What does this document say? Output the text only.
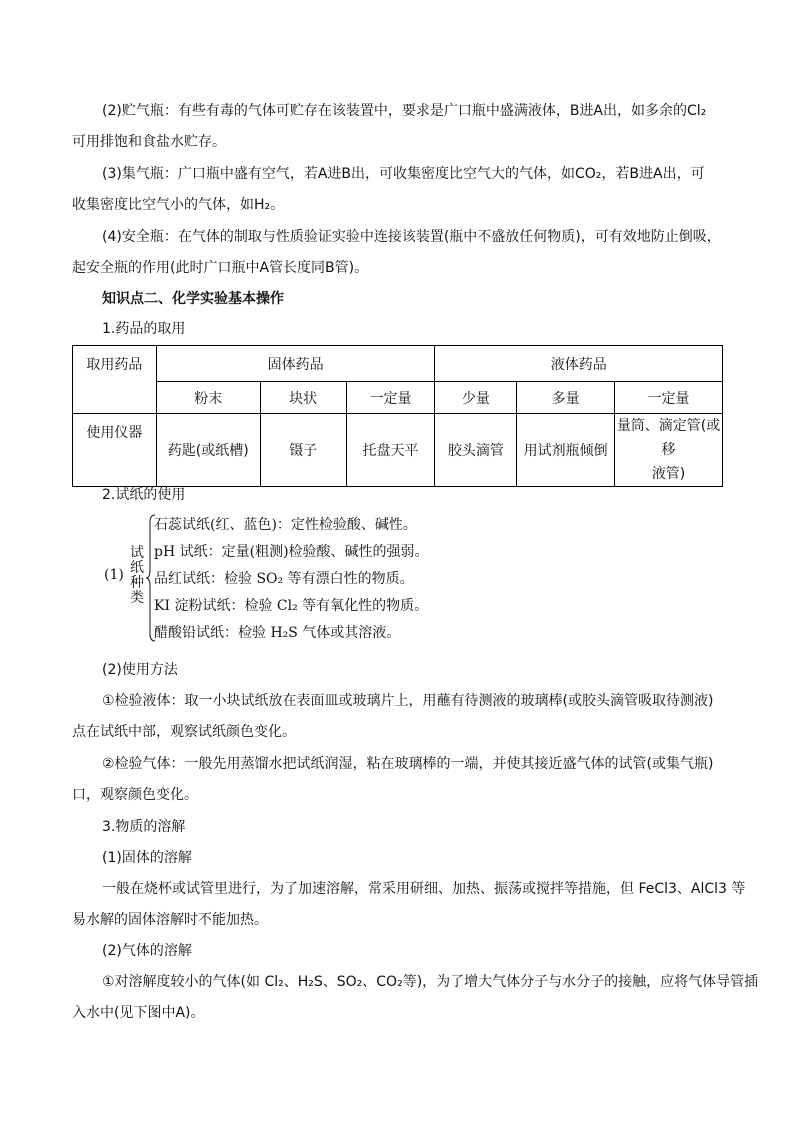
(2)贮气瓶：有些有毒的气体可贮存在该装置中，要求是广口瓶中盛满液体，B进A出，如多余的Cl₂
可用排饱和食盐水贮存。
(3)集气瓶：广口瓶中盛有空气，若A进B出，可收集密度比空气大的气体，如CO₂，若B进A出，可
收集密度比空气小的气体，如H₂。
(4)安全瓶：在气体的制取与性质验证实验中连接该装置(瓶中不盛放任何物质)，可有效地防止倒吸，
起安全瓶的作用(此时广口瓶中A管长度同B管)。
知识点二、化学实验基本操作
1.药品的取用
取用药品	固体药品			液体药品		
	粉末	块状	一定量	少量	多量	一定量
使用仪器	药匙(或纸槽)	镊子	托盘天平	胶头滴管	用试剂瓶倾倒	量筒、滴定管(或移
液管)
2.试纸的使用
(1)
试
纸
种
类
石蕊试纸(红、蓝色)：定性检验酸、碱性。
pH 试纸：定量(粗测)检验酸、碱性的强弱。
品红试纸：检验 SO₂ 等有漂白性的物质。
KI 淀粉试纸：检验 Cl₂ 等有氧化性的物质。
醋酸铅试纸：检验 H₂S 气体或其溶液。
(2)使用方法
①检验液体：取一小块试纸放在表面皿或玻璃片上，用蘸有待测液的玻璃棒(或胶头滴管吸取待测液)
点在试纸中部，观察试纸颜色变化。
②检验气体：一般先用蒸馏水把试纸润湿，粘在玻璃棒的一端，并使其接近盛气体的试管(或集气瓶)
口，观察颜色变化。
3.物质的溶解
(1)固体的溶解
一般在烧杯或试管里进行，为了加速溶解，常采用研细、加热、振荡或搅拌等措施，但 FeCl3、AlCl3 等
易水解的固体溶解时不能加热。
(2)气体的溶解
①对溶解度较小的气体(如 Cl₂、H₂S、SO₂、CO₂等)，为了增大气体分子与水分子的接触，应将气体导管插
入水中(见下图中A)。
